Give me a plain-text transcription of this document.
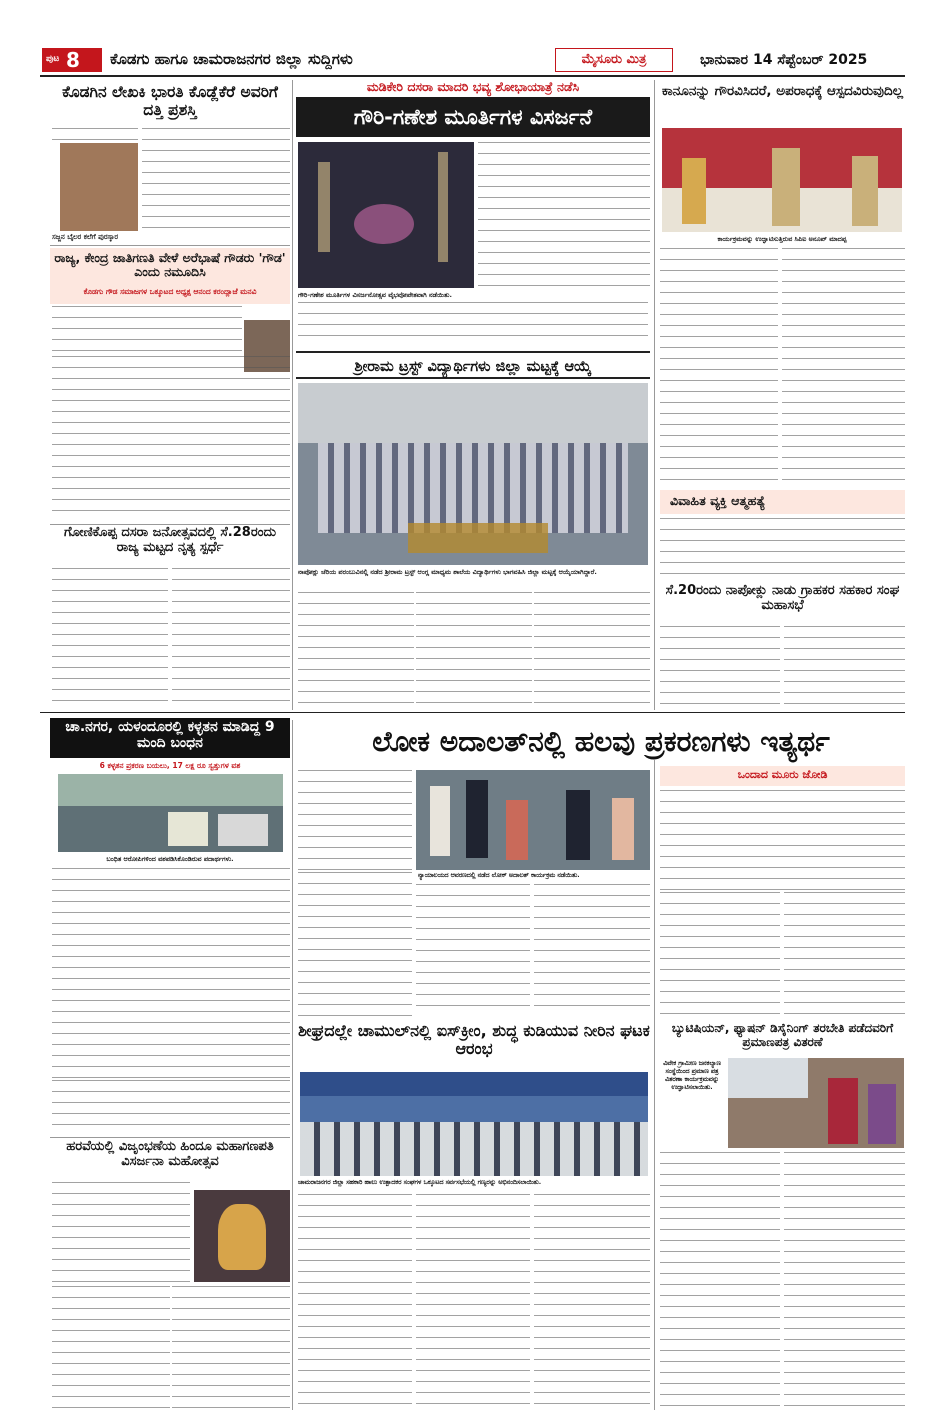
ಪುಟ 8 ಕೊಡಗು ಹಾಗೂ ಚಾಮರಾಜನಗರ ಜಿಲ್ಲಾ ಸುದ್ದಿಗಳು	ಮೈಸೂರು ಮಿತ್ರ	ಭಾನುವಾರ 14 ಸೆಪ್ಟೆಂಬರ್ 2025
ಕೊಡಗಿನ ಲೇಖಕಿ ಭಾರತಿ ಕೊಡ್ಲೆಕೆರೆ ಅವರಿಗೆ ದತ್ತಿ ಪ್ರಶಸ್ತಿ
ಸಜ್ಜನ ಬೈಲರ ಕಲೆಗೆ ಪುರಸ್ಕಾರ
ರಾಜ್ಯ, ಕೇಂದ್ರ ಜಾತಿಗಣತಿ ವೇಳೆ ಅರೆಭಾಷೆ ಗೌಡರು 'ಗೌಡ' ಎಂದು ನಮೂದಿಸಿ
ಕೊಡಗು ಗೌಡ ಸಮಾಜಗಳ ಒಕ್ಕೂಟದ ಅಧ್ಯಕ್ಷ ಆನಂದ ಕರಂದ್ಲಾಜೆ ಮನವಿ
ಗೋಣಿಕೊಪ್ಪ ದಸರಾ ಜನೋತ್ಸವದಲ್ಲಿ ಸೆ.28ರಂದು ರಾಜ್ಯ ಮಟ್ಟದ ನೃತ್ಯ ಸ್ಪರ್ಧೆ
ಮಡಿಕೇರಿ ದಸರಾ ಮಾದರಿ ಭವ್ಯ ಶೋಭಾಯಾತ್ರೆ ನಡೆಸಿ
ಗೌರಿ-ಗಣೇಶ ಮೂರ್ತಿಗಳ ವಿಸರ್ಜನೆ
ಗೌರಿ-ಗಣೇಶ ಮೂರ್ತಿಗಳ ವಿಸರ್ಜನೋತ್ಸವ ವೈಭವೋಪೇತವಾಗಿ ನಡೆಯಿತು.
ಶ್ರೀರಾಮ ಟ್ರಸ್ಟ್ ವಿದ್ಯಾರ್ಥಿಗಳು ಜಿಲ್ಲಾ ಮಟ್ಟಕ್ಕೆ ಆಯ್ಕೆ
ನಾಪೋಕ್ಲು ಚೆರಿಯ ಪರಂಬುವಿನಲ್ಲಿ ನಡೆದ ಶ್ರೀರಾಮ ಟ್ರಸ್ಟ್ ಆಂಗ್ಲ ಮಾಧ್ಯಮ ಶಾಲೆಯ ವಿದ್ಯಾರ್ಥಿಗಳು ಭಾಗವಹಿಸಿ ಜಿಲ್ಲಾ ಮಟ್ಟಕ್ಕೆ ಆಯ್ಕೆಯಾಗಿದ್ದಾರೆ.
ಕಾನೂನನ್ನು ಗೌರವಿಸಿದರೆ, ಅಪರಾಧಕ್ಕೆ ಆಸ್ಪದವಿರುವುದಿಲ್ಲ
ಕಾರ್ಯಕ್ರಮವನ್ನು ಉದ್ಘಾಟಿಸುತ್ತಿರುವ ಸಿಪಿಐ ಅನೂಪ್ ಮಾದಪ್ಪ
ವಿವಾಹಿತ ವ್ಯಕ್ತಿ ಆತ್ಮಹತ್ಯೆ
ಸೆ.20ರಂದು ನಾಪೋಕ್ಲು ನಾಡು ಗ್ರಾಹಕರ ಸಹಕಾರ ಸಂಘ ಮಹಾಸಭೆ
ಚಾ.ನಗರ, ಯಳಂದೂರಲ್ಲಿ ಕಳ್ಳತನ ಮಾಡಿದ್ದ 9 ಮಂದಿ ಬಂಧನ
6 ಕಳ್ಳತನ ಪ್ರಕರಣ ಬಯಲು, 17 ಲಕ್ಷ ರೂ ಸ್ವತ್ತುಗಳ ವಶ
ಬಂಧಿತ ಆರೋಪಿಗಳಿಂದ ವಶಪಡಿಸಿಕೊಂಡಿರುವ ಪದಾರ್ಥಗಳು.
ಹರವೆಯಲ್ಲಿ ವಿಜೃಂಭಣೆಯ ಹಿಂದೂ ಮಹಾಗಣಪತಿ ವಿಸರ್ಜನಾ ಮಹೋತ್ಸವ
ಲೋಕ ಅದಾಲತ್‌ನಲ್ಲಿ ಹಲವು ಪ್ರಕರಣಗಳು ಇತ್ಯರ್ಥ
ನ್ಯಾಯಾಲಯದ ಆವರಣದಲ್ಲಿ ನಡೆದ ಲೋಕ್ ಅದಾಲತ್ ಕಾರ್ಯಕ್ರಮ ನಡೆಯಿತು.
ಒಂದಾದ ಮೂರು ಜೋಡಿ
ಶೀಘ್ರದಲ್ಲೇ ಚಾಮುಲ್‌ನಲ್ಲಿ ಐಸ್‌ಕ್ರೀಂ, ಶುದ್ಧ ಕುಡಿಯುವ ನೀರಿನ ಘಟಕ ಆರಂಭ
ಚಾಮರಾಜನಗರ ಜಿಲ್ಲಾ ಸಹಕಾರಿ ಹಾಲು ಉತ್ಪಾದಕರ ಸಂಘಗಳ ಒಕ್ಕೂಟದ ಸರ್ವಸಭೆಯಲ್ಲಿ ಗಣ್ಯರನ್ನು ಅಭಿನಂದಿಸಲಾಯಿತು.
ಬ್ಯುಟಿಷಿಯನ್, ಫ್ಯಾಷನ್ ಡಿಸೈನಿಂಗ್ ತರಬೇತಿ ಪಡೆದವರಿಗೆ ಪ್ರಮಾಣಪತ್ರ ವಿತರಣೆ
ವಿವೇಕ ಗ್ರಾಮೀಣ ಜನಕಲ್ಯಾಣ ಸಂಸ್ಥೆಯಿಂದ ಪ್ರಮಾಣ ಪತ್ರ ವಿತರಣಾ ಕಾರ್ಯಕ್ರಮವನ್ನು ಉದ್ಘಾಟಿಸಲಾಯಿತು.
